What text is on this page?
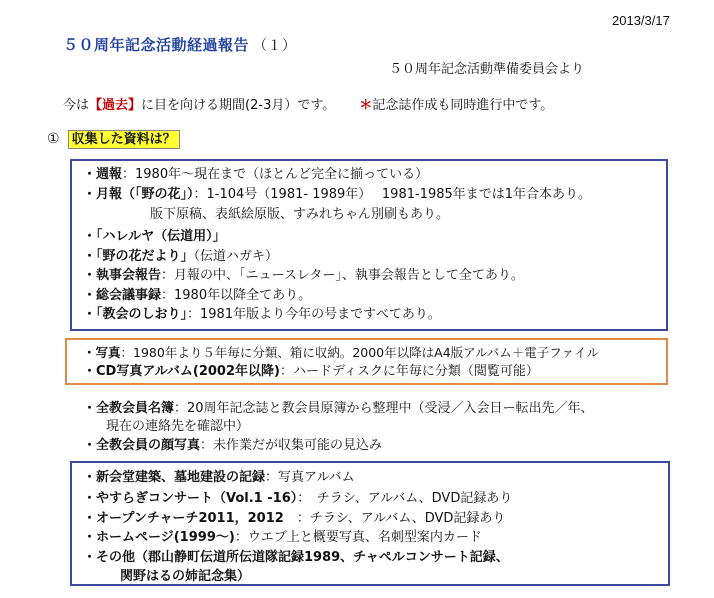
2013/3/17
５０周年記念活動経過報告 （１）
５０周年記念活動準備委員会より
今は【過去】に目を向ける期間(2-3月）です。 ＊記念誌作成も同時進行中です。
① 収集した資料は？
・週報：1980年〜現在まで（ほとんど完全に揃っている）
・月報（「野の花」）：1-104号（1981‐ 1989年）　 1981-1985年までは1年合本あり。
版下原稿、表紙絵原版、すみれちゃん別刷もあり。
・「ハレルヤ（伝道用）」
・「野の花だより」（伝道ハガキ）
・執事会報告：月報の中、「ニュースレター」、執事会報告として全てあり。
・総会議事録：1980年以降全てあり。
・「教会のしおり」：1981年版より今年の号まですべてあり。
・写真：1980年より５年毎に分類、箱に収納。2000年以降はA4版アルバム＋電子ファイル
・CD写真アルバム(2002年以降)：ハードディスクに年毎に分類（閲覧可能）
・全教会員名簿：20周年記念誌と教会員原簿から整理中（受浸／入会日ー転出先／年、
現在の連絡先を確認中）
・全教会員の顔写真：未作業だが収集可能の見込み
・新会堂建築、墓地建設の記録：写真アルバム
・やすらぎコンサート（Vol.1 -16）：　チラシ、アルバム、DVD記録あり
・オープンチャーチ2011，2012　：チラシ、アルバム、DVD記録あり
・ホームページ(1999〜)：ウエブ上と概要写真、名刺型案内カード
・その他（郡山静町伝道所伝道隊記録1989、チャペルコンサート記録、
関野はるの姉記念集）
